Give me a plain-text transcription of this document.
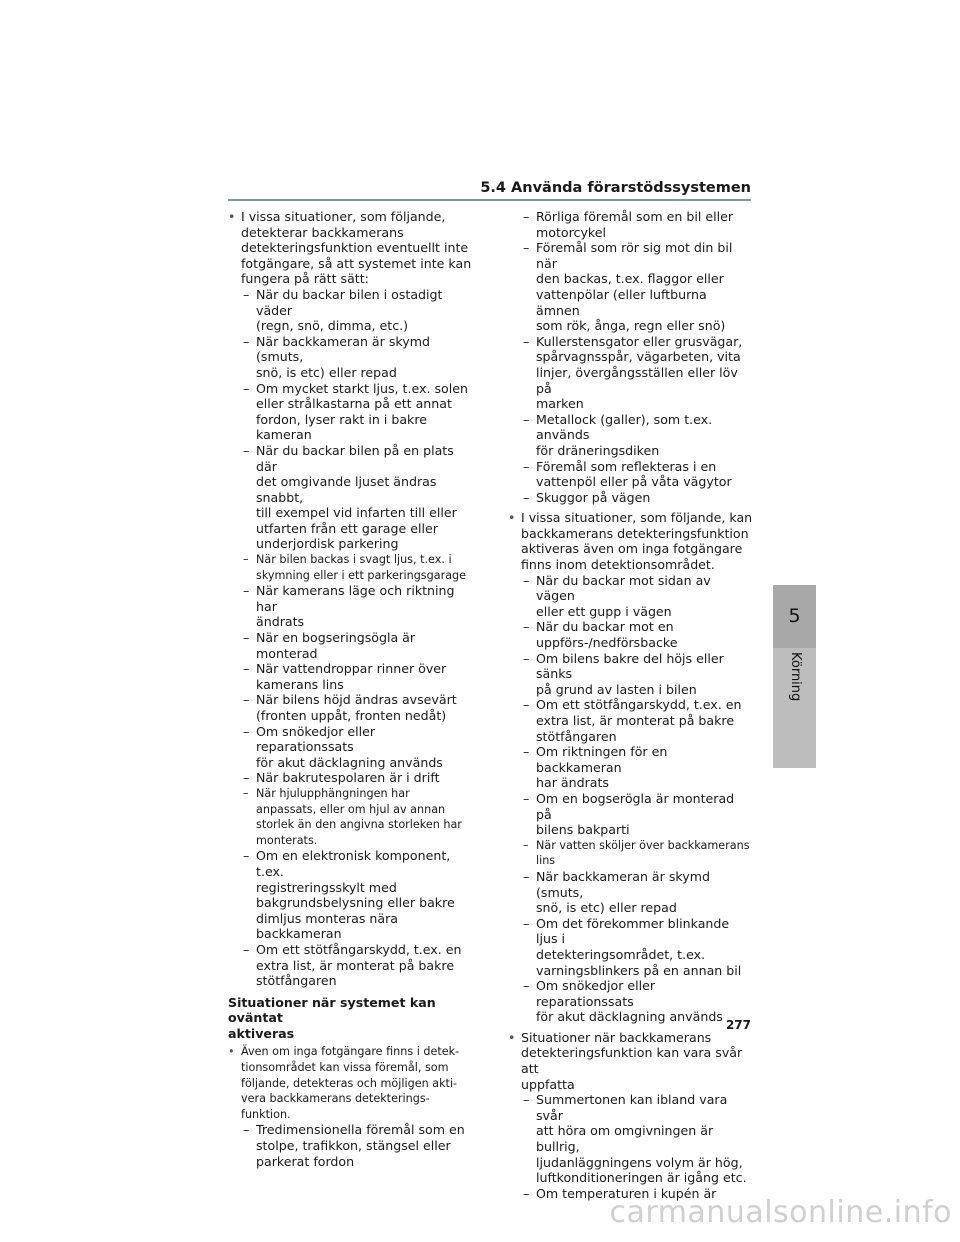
5.4 Använda förarstödssystemen
• I vissa situationer, som följande,
detekterar backkamerans
detekteringsfunktion eventuellt inte
fotgängare, så att systemet inte kan
fungera på rätt sätt:
– När du backar bilen i ostadigt väder
(regn, snö, dimma, etc.)
– När backkameran är skymd (smuts,
snö, is etc) eller repad
– Om mycket starkt ljus, t.ex. solen
eller strålkastarna på ett annat
fordon, lyser rakt in i bakre kameran
– När du backar bilen på en plats där
det omgivande ljuset ändras snabbt,
till exempel vid infarten till eller
utfarten från ett garage eller
underjordisk parkering
– När bilen backas i svagt ljus, t.ex. i
skymning eller i ett parkeringsgarage
– När kamerans läge och riktning har
ändrats
– När en bogseringsögla är monterad
– När vattendroppar rinner över
kamerans lins
– När bilens höjd ändras avsevärt
(fronten uppåt, fronten nedåt)
– Om snökedjor eller reparationssats
för akut däcklagning används
– När bakrutespolaren är i drift
– När hjulupphängningen har
anpassats, eller om hjul av annan
storlek än den angivna storleken har
monterats.
– Om en elektronisk komponent, t.ex.
registreringsskylt med
bakgrundsbelysning eller bakre
dimljus monteras nära backkameran
– Om ett stötfångarskydd, t.ex. en
extra list, är monterat på bakre
stötfångaren
Situationer när systemet kan oväntat
aktiveras
• Även om inga fotgängare finns i detek-
tionsområdet kan vissa föremål, som
följande, detekteras och möjligen akti-
vera backkamerans detekterings-
funktion.
– Tredimensionella föremål som en
stolpe, trafikkon, stängsel eller
parkerat fordon
– Rörliga föremål som en bil eller
motorcykel
– Föremål som rör sig mot din bil när
den backas, t.ex. flaggor eller
vattenpölar (eller luftburna ämnen
som rök, ånga, regn eller snö)
– Kullerstensgator eller grusvägar,
spårvagnsspår, vägarbeten, vita
linjer, övergångsställen eller löv på
marken
– Metallock (galler), som t.ex. används
för dräneringsdiken
– Föremål som reflekteras i en
vattenpöl eller på våta vägytor
– Skuggor på vägen
• I vissa situationer, som följande, kan
backkamerans detekteringsfunktion
aktiveras även om inga fotgängare
finns inom detektionsområdet.
– När du backar mot sidan av vägen
eller ett gupp i vägen
– När du backar mot en
uppförs-/nedförsbacke
– Om bilens bakre del höjs eller sänks
på grund av lasten i bilen
– Om ett stötfångarskydd, t.ex. en
extra list, är monterat på bakre
stötfångaren
– Om riktningen för en backkameran
har ändrats
– Om en bogserögla är monterad på
bilens bakparti
– När vatten sköljer över backkamerans
lins
– När backkameran är skymd (smuts,
snö, is etc) eller repad
– Om det förekommer blinkande ljus i
detekteringsområdet, t.ex.
varningsblinkers på en annan bil
– Om snökedjor eller reparationssats
för akut däcklagning används
• Situationer när backkamerans
detekteringsfunktion kan vara svår att
uppfatta
– Summertonen kan ibland vara svår
att höra om omgivningen är bullrig,
ljudanläggningens volym är hög,
luftkonditioneringen är igång etc.
– Om temperaturen i kupén är
5
Körning
277
carmanualsonline.info
